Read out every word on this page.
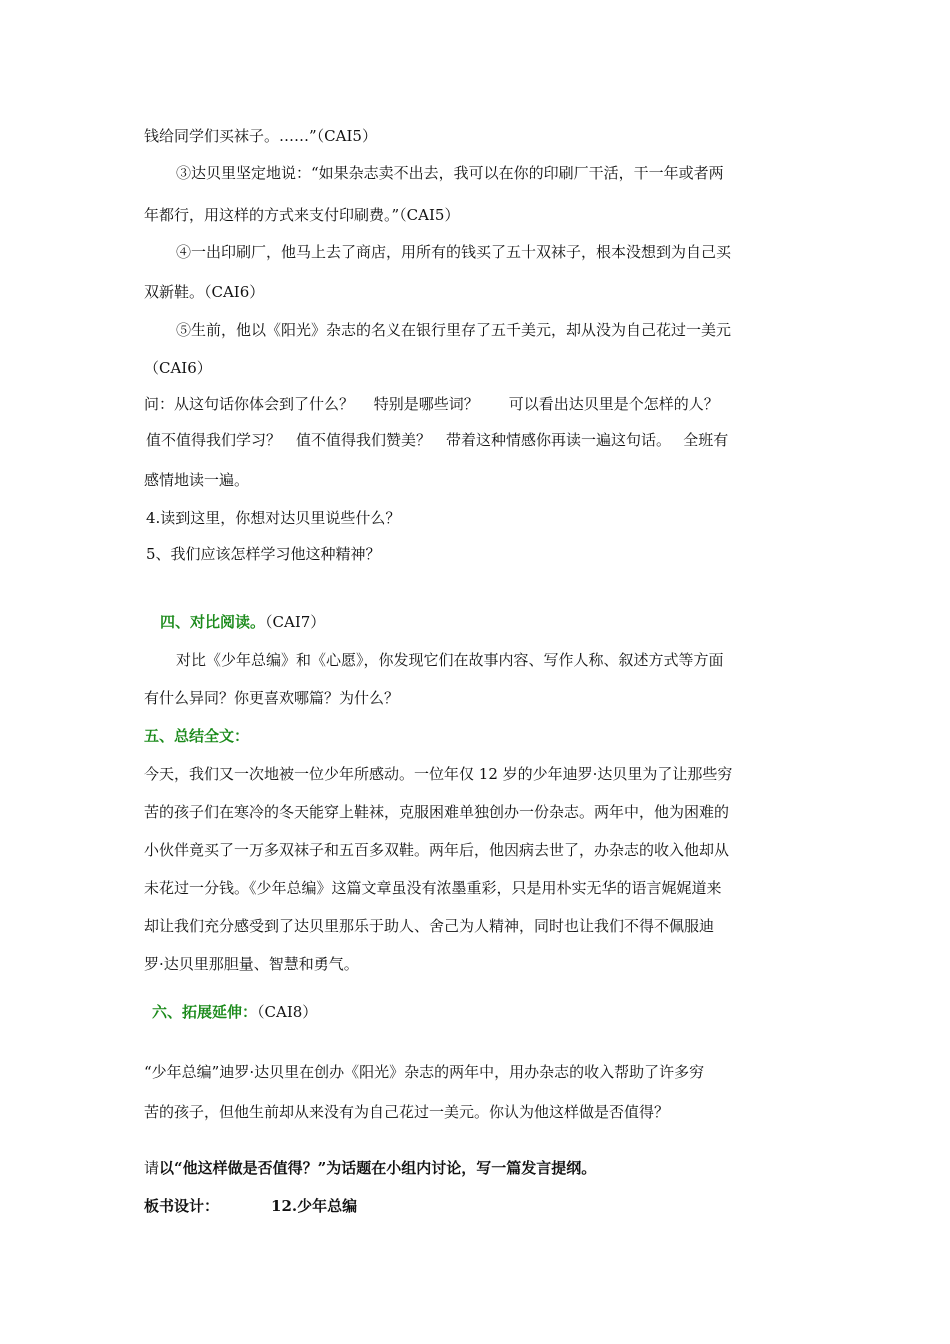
钱给同学们买袜子。……”（CAI5）
③达贝里坚定地说：“如果杂志卖不出去，我可以在你的印刷厂干活，干一年或者两
年都行，用这样的方式来支付印刷费。”（CAI5）
④一出印刷厂，他马上去了商店，用所有的钱买了五十双袜子，根本没想到为自己买
双新鞋。（CAI6）
⑤生前，他以《阳光》杂志的名义在银行里存了五千美元，却从没为自己花过一美元
（CAI6）
问：从这句话你体会到了什么？　 特别是哪些词？　　可以看出达贝里是个怎样的人？
值不值得我们学习？　值不值得我们赞美？　带着这种情感你再读一遍这句话。　 全班有
感情地读一遍。
4.读到这里，你想对达贝里说些什么？
5、我们应该怎样学习他这种精神？
四、对比阅读。（CAI7）
对比《少年总编》和《心愿》，你发现它们在故事内容、写作人称、叙述方式等方面
有什么异同？你更喜欢哪篇？为什么？
五、总结全文：
今天，我们又一次地被一位少年所感动。一位年仅 12 岁的少年迪罗·达贝里为了让那些穷
苦的孩子们在寒冷的冬天能穿上鞋袜，克服困难单独创办一份杂志。两年中，他为困难的
小伙伴竟买了一万多双袜子和五百多双鞋。两年后，他因病去世了，办杂志的收入他却从
未花过一分钱。《少年总编》这篇文章虽没有浓墨重彩，只是用朴实无华的语言娓娓道来
却让我们充分感受到了达贝里那乐于助人、舍己为人精神，同时也让我们不得不佩服迪
罗·达贝里那胆量、智慧和勇气。
六、拓展延伸：（CAI8）
“少年总编”迪罗·达贝里在创办《阳光》杂志的两年中，用办杂志的收入帮助了许多穷
苦的孩子，但他生前却从来没有为自己花过一美元。你认为他这样做是否值得？
请以“他这样做是否值得？”为话题在小组内讨论，写一篇发言提纲。
板书设计：	12.少年总编
